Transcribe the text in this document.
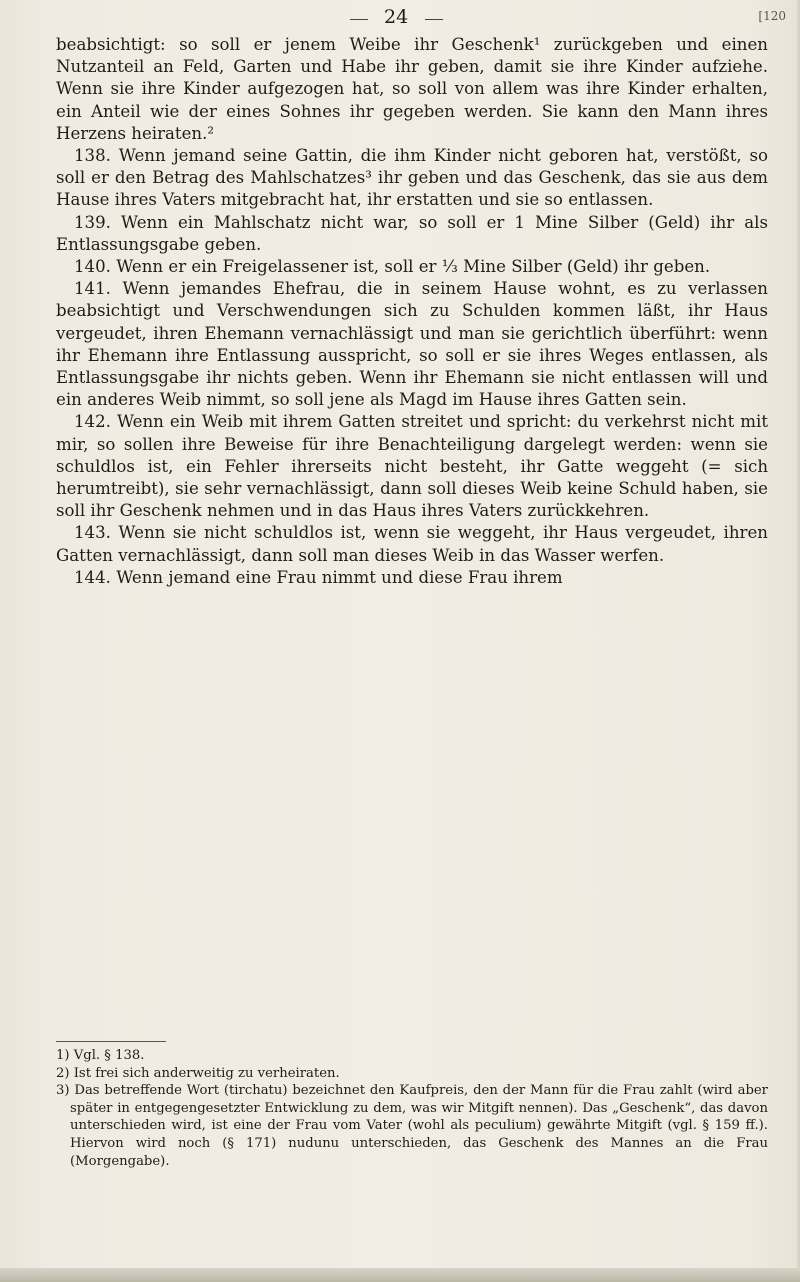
24	[120

beabsichtigt: so soll er jenem Weibe ihr Geschenk¹ zurückgeben und einen Nutzanteil an Feld, Garten und Habe ihr geben, damit sie ihre Kinder aufziehe. Wenn sie ihre Kinder aufgezogen hat, so soll von allem was ihre Kinder erhalten, ein Anteil wie der eines Sohnes ihr gegeben werden. Sie kann den Mann ihres Herzens heiraten.²

138. Wenn jemand seine Gattin, die ihm Kinder nicht geboren hat, verstößt, so soll er den Betrag des Mahlschatzes³ ihr geben und das Geschenk, das sie aus dem Hause ihres Vaters mitgebracht hat, ihr erstatten und sie so entlassen.

139. Wenn ein Mahlschatz nicht war, so soll er 1 Mine Silber (Geld) ihr als Entlassungsgabe geben.

140. Wenn er ein Freigelassener ist, soll er ⅓ Mine Silber (Geld) ihr geben.

141. Wenn jemandes Ehefrau, die in seinem Hause wohnt, es zu verlassen beabsichtigt und Verschwendungen sich zu Schulden kommen läßt, ihr Haus vergeudet, ihren Ehemann vernachlässigt und man sie gerichtlich überführt: wenn ihr Ehemann ihre Entlassung ausspricht, so soll er sie ihres Weges entlassen, als Entlassungsgabe ihr nichts geben. Wenn ihr Ehemann sie nicht entlassen will und ein anderes Weib nimmt, so soll jene als Magd im Hause ihres Gatten sein.

142. Wenn ein Weib mit ihrem Gatten streitet und spricht: du verkehrst nicht mit mir, so sollen ihre Beweise für ihre Benachteiligung dargelegt werden: wenn sie schuldlos ist, ein Fehler ihrerseits nicht besteht, ihr Gatte weggeht (= sich herumtreibt), sie sehr vernachlässigt, dann soll dieses Weib keine Schuld haben, sie soll ihr Geschenk nehmen und in das Haus ihres Vaters zurückkehren.

143. Wenn sie nicht schuldlos ist, wenn sie weggeht, ihr Haus vergeudet, ihren Gatten vernachlässigt, dann soll man dieses Weib in das Wasser werfen.

144. Wenn jemand eine Frau nimmt und diese Frau ihrem

1) Vgl. § 138.

2) Ist frei sich anderweitig zu verheiraten.

3) Das betreffende Wort (tirchatu) bezeichnet den Kaufpreis, den der Mann für die Frau zahlt (wird aber später in entgegengesetzter Entwicklung zu dem, was wir Mitgift nennen). Das „Geschenk“, das davon unterschieden wird, ist eine der Frau vom Vater (wohl als peculium) gewährte Mitgift (vgl. § 159 ff.). Hiervon wird noch (§ 171) nudunu unterschieden, das Geschenk des Mannes an die Frau (Morgengabe).
